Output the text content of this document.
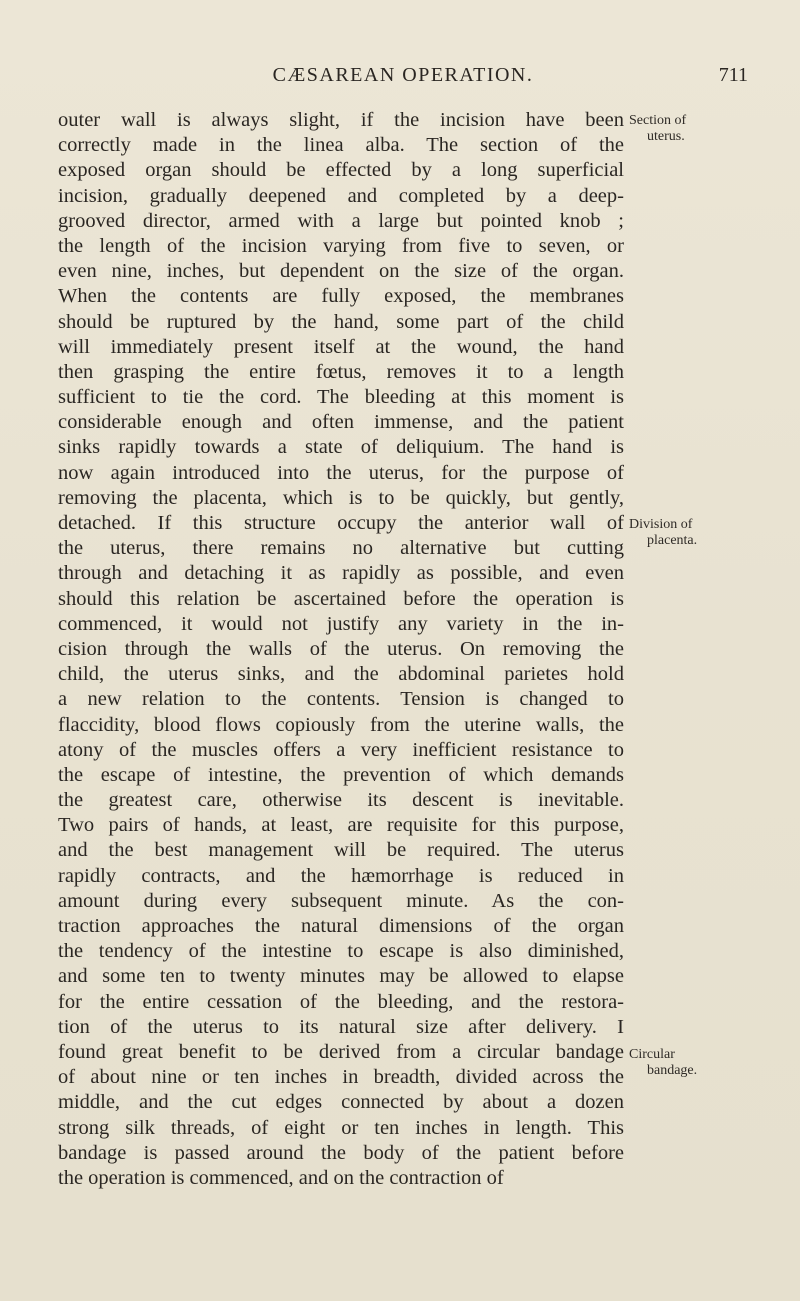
CÆSAREAN OPERATION.	711
outer wall is always slight, if the incision have been
correctly made in the linea alba. The section of the
exposed organ should be effected by a long superficial
incision, gradually deepened and completed by a deep-
grooved director, armed with a large but pointed knob ;
the length of the incision varying from five to seven, or
even nine, inches, but dependent on the size of the organ.
When the contents are fully exposed, the membranes
should be ruptured by the hand, some part of the child
will immediately present itself at the wound, the hand
then grasping the entire fœtus, removes it to a length
sufficient to tie the cord. The bleeding at this moment is
considerable enough and often immense, and the patient
sinks rapidly towards a state of deliquium. The hand is
now again introduced into the uterus, for the purpose of
removing the placenta, which is to be quickly, but gently,
detached. If this structure occupy the anterior wall of
the uterus, there remains no alternative but cutting
through and detaching it as rapidly as possible, and even
should this relation be ascertained before the operation is
commenced, it would not justify any variety in the in-
cision through the walls of the uterus. On removing the
child, the uterus sinks, and the abdominal parietes hold
a new relation to the contents. Tension is changed to
flaccidity, blood flows copiously from the uterine walls, the
atony of the muscles offers a very inefficient resistance to
the escape of intestine, the prevention of which demands
the greatest care, otherwise its descent is inevitable.
Two pairs of hands, at least, are requisite for this purpose,
and the best management will be required. The uterus
rapidly contracts, and the hæmorrhage is reduced in
amount during every subsequent minute. As the con-
traction approaches the natural dimensions of the organ
the tendency of the intestine to escape is also diminished,
and some ten to twenty minutes may be allowed to elapse
for the entire cessation of the bleeding, and the restora-
tion of the uterus to its natural size after delivery. I
found great benefit to be derived from a circular bandage
of about nine or ten inches in breadth, divided across the
middle, and the cut edges connected by about a dozen
strong silk threads, of eight or ten inches in length. This
bandage is passed around the body of the patient before
the operation is commenced, and on the contraction of
Section of
uterus.
Division of
placenta.
Circular
bandage.
